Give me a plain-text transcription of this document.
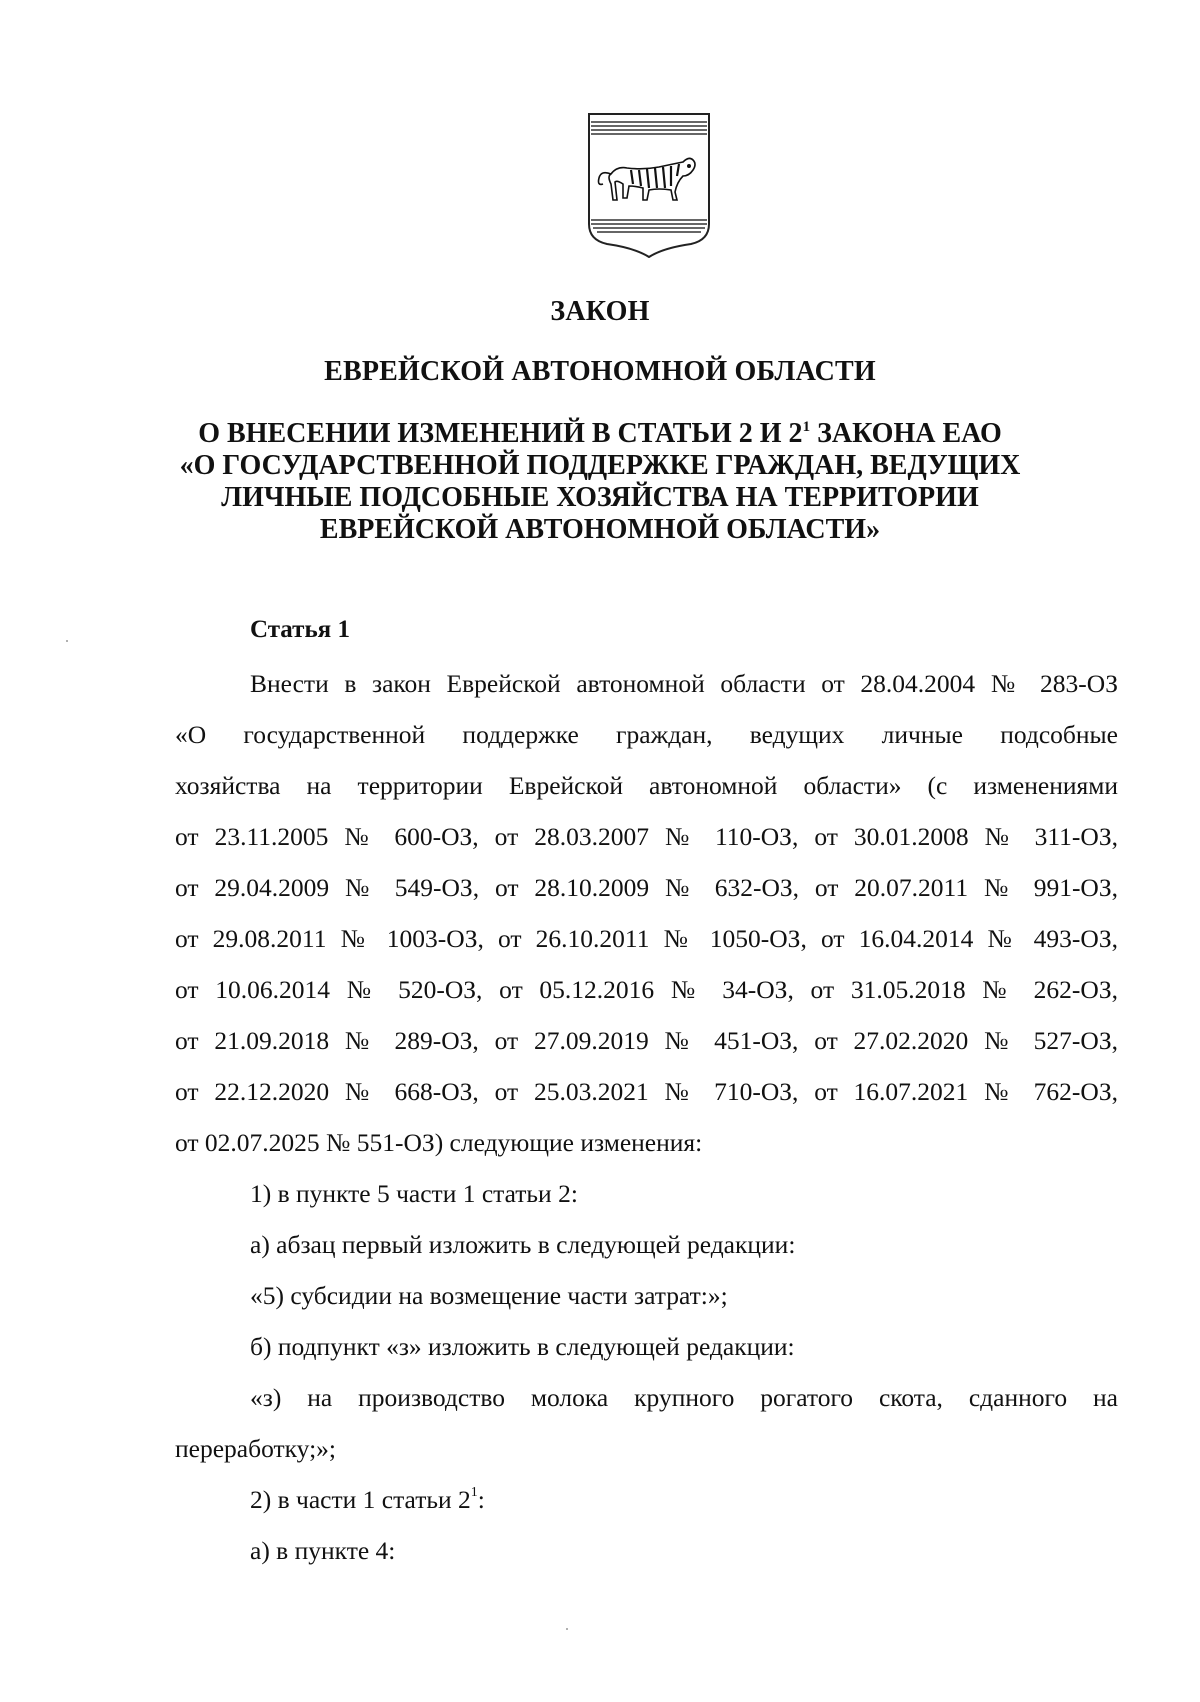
ЗАКОН
ЕВРЕЙСКОЙ АВТОНОМНОЙ ОБЛАСТИ
О ВНЕСЕНИИ ИЗМЕНЕНИЙ В СТАТЬИ 2 И $2^1$ ЗАКОНА ЕАО
«О ГОСУДАРСТВЕННОЙ ПОДДЕРЖКЕ ГРАЖДАН, ВЕДУЩИХ
ЛИЧНЫЕ ПОДСОБНЫЕ ХОЗЯЙСТВА НА ТЕРРИТОРИИ
ЕВРЕЙСКОЙ АВТОНОМНОЙ ОБЛАСТИ»
Статья 1
Внести в закон Еврейской автономной области от 28.04.2004 № 283-ОЗ
«О государственной поддержке граждан, ведущих личные подсобные
хозяйства на территории Еврейской автономной области» (с изменениями
от 23.11.2005 № 600-ОЗ, от 28.03.2007 № 110-ОЗ, от 30.01.2008 № 311-ОЗ,
от 29.04.2009 № 549-ОЗ, от 28.10.2009 № 632-ОЗ, от 20.07.2011 № 991-ОЗ,
от 29.08.2011 № 1003-ОЗ, от 26.10.2011 № 1050-ОЗ, от 16.04.2014 № 493-ОЗ,
от 10.06.2014 № 520-ОЗ, от 05.12.2016 № 34-ОЗ, от 31.05.2018 № 262-ОЗ,
от 21.09.2018 № 289-ОЗ, от 27.09.2019 № 451-ОЗ, от 27.02.2020 № 527-ОЗ,
от 22.12.2020 № 668-ОЗ, от 25.03.2021 № 710-ОЗ, от 16.07.2021 № 762-ОЗ,
от 02.07.2025 № 551-ОЗ) следующие изменения:

1) в пункте 5 части 1 статьи 2:

а) абзац первый изложить в следующей редакции:

«5) субсидии на возмещение части затрат:»;

б) подпункт «з» изложить в следующей редакции:

«з) на производство молока крупного рогатого скота, сданного на
переработку;»;

2) в части 1 статьи $2^1$:

а) в пункте 4:
